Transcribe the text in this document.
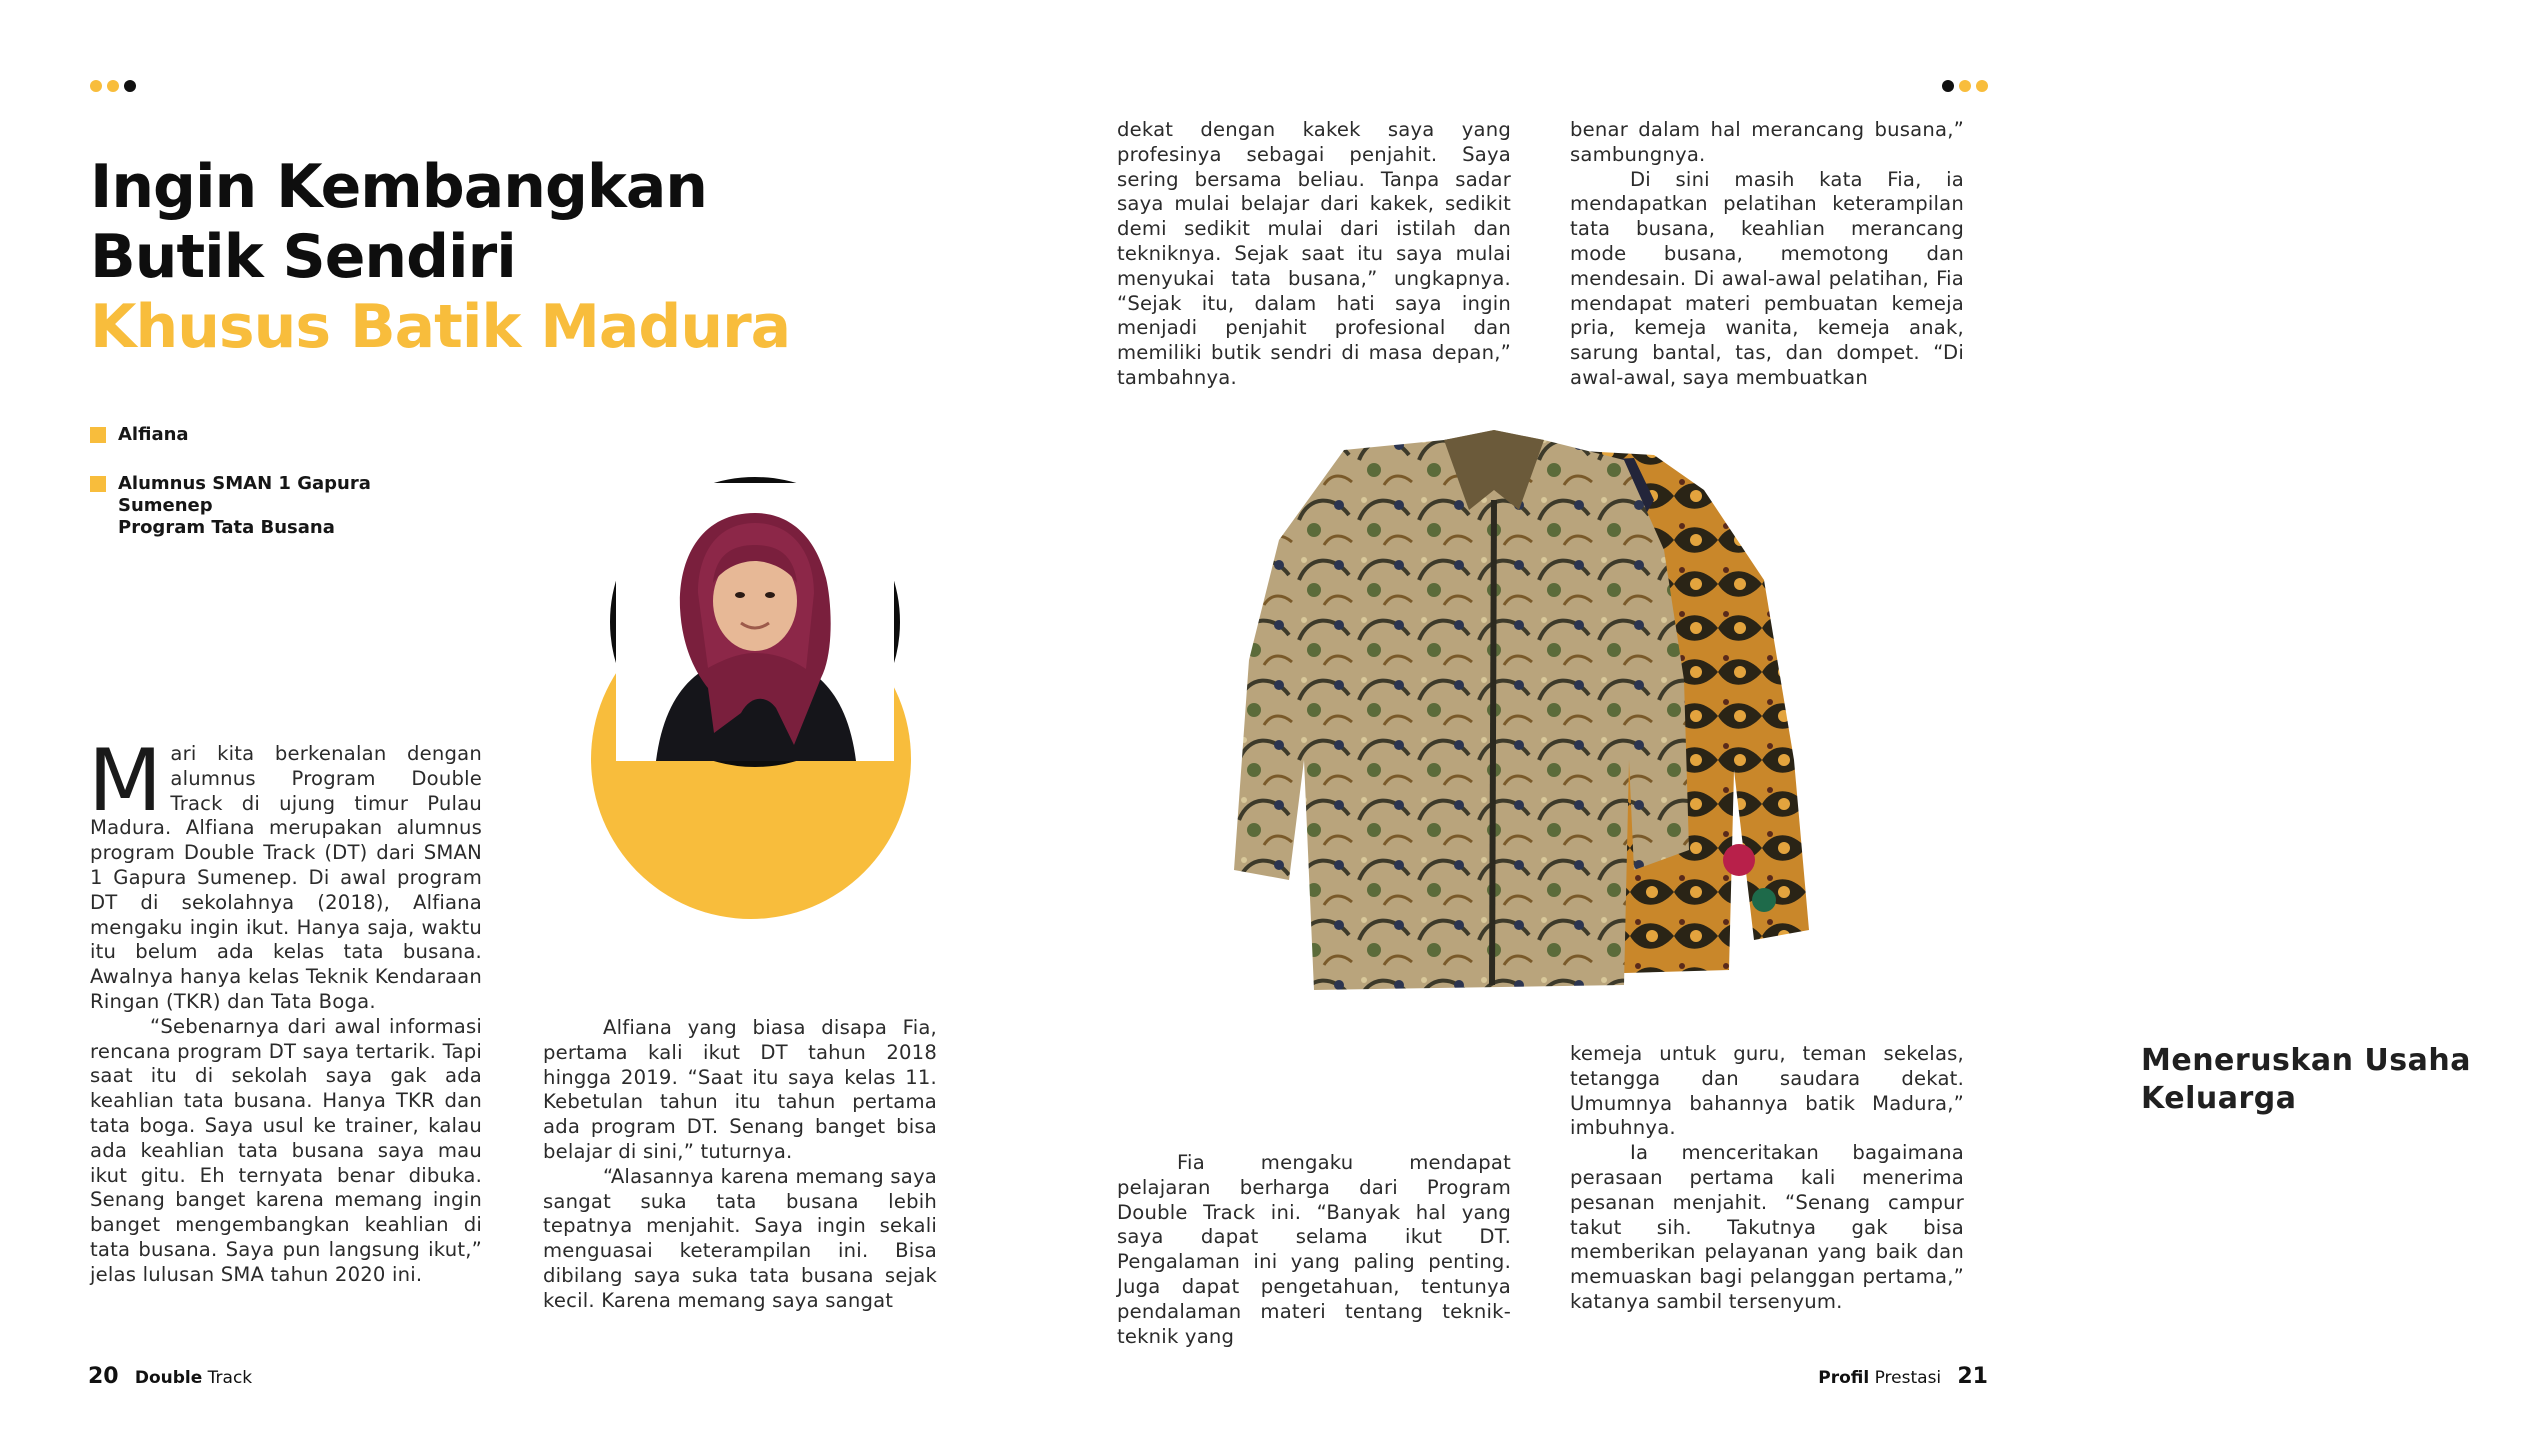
Ingin Kembangkan
Butik Sendiri
Khusus Batik Madura
Alfiana
Alumnus SMAN 1 Gapura
Sumenep
Program Tata Busana

Mari kita berkenalan dengan alumnus Program Double Track di ujung timur Pulau Madura. Alfiana merupakan alumnus program Double Track (DT) dari SMAN 1 Gapura Sumenep. Di awal program DT di sekolahnya (2018), Alfiana mengaku ingin ikut. Hanya saja, waktu itu belum ada kelas tata busana. Awalnya hanya kelas Teknik Kendaraan Ringan (TKR) dan Tata Boga.

“Sebenarnya dari awal informasi rencana program DT saya tertarik. Tapi saat itu di sekolah saya gak ada keahlian tata busana. Hanya TKR dan tata boga. Saya usul ke trainer, kalau ada keahlian tata busana saya mau ikut gitu. Eh ternyata benar dibuka. Senang banget karena memang ingin banget mengembangkan keahlian di tata busana. Saya pun langsung ikut,” jelas lulusan SMA tahun 2020 ini.

Alfiana yang biasa disapa Fia, pertama kali ikut DT tahun 2018 hingga 2019. “Saat itu saya kelas 11. Kebetulan tahun itu tahun pertama ada program DT. Senang banget bisa belajar di sini,” tuturnya.

“Alasannya karena memang saya sangat suka tata busana lebih tepatnya menjahit. Saya ingin sekali menguasai keterampilan ini. Bisa dibilang saya suka tata busana sejak kecil. Karena memang saya sangat

20 Double Track

dekat dengan kakek saya yang profesinya sebagai penjahit. Saya sering bersama beliau. Tanpa sadar saya mulai belajar dari kakek, sedikit demi sedikit mulai dari istilah dan tekniknya. Sejak saat itu saya mulai menyukai tata busana,” ungkapnya. “Sejak itu, dalam hati saya ingin menjadi penjahit profesional dan memiliki butik sendri di masa depan,” tambahnya.

benar dalam hal merancang busana,” sambungnya.

Di sini masih kata Fia, ia mendapatkan pelatihan keterampilan tata busana, keahlian merancang mode busana, memotong dan mendesain. Di awal-awal pelatihan, Fia mendapat materi pembuatan kemeja pria, kemeja wanita, kemeja anak, sarung bantal, tas, dan dompet. “Di awal-awal, saya membuatkan

Meneruskan Usaha Keluarga

Fia mengaku mendapat pelajaran berharga dari Program Double Track ini. “Banyak hal yang saya dapat selama ikut DT. Pengalaman ini yang paling penting. Juga dapat pengetahuan, tentunya pendalaman materi tentang teknik-teknik yang

kemeja untuk guru, teman sekelas, tetangga dan saudara dekat. Umumnya bahannya batik Madura,” imbuhnya.

Ia menceritakan bagaimana perasaan pertama kali menerima pesanan menjahit. “Senang campur takut sih. Takutnya gak bisa memberikan pelayanan yang baik dan memuaskan bagi pelanggan pertama,” katanya sambil tersenyum.

Profil Prestasi 21
